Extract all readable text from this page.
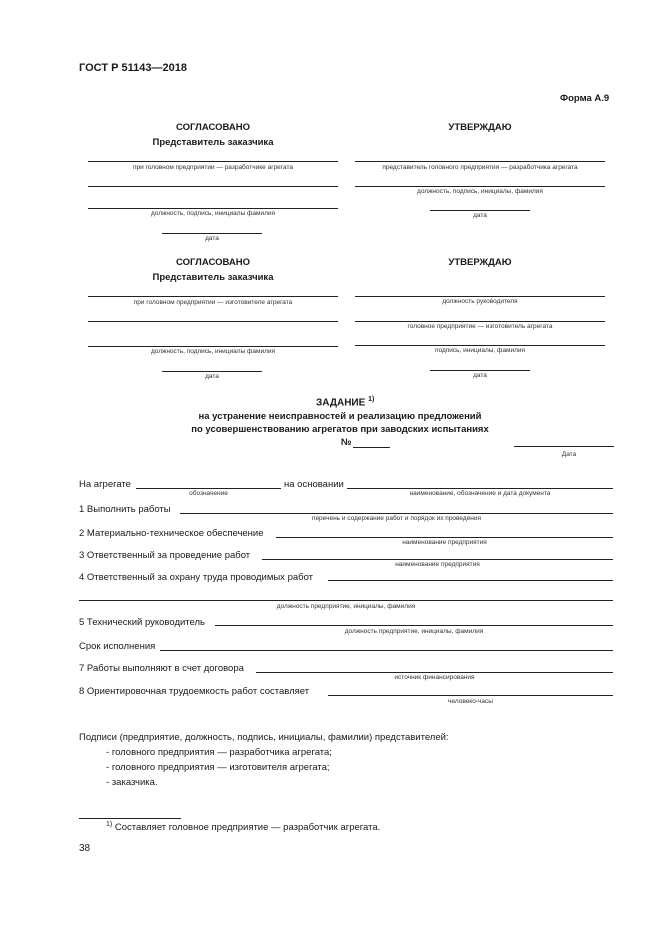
ГОСТ Р 51143—2018
Форма А.9
СОГЛАСОВАНО
Представитель заказчика
при головном предприятии — разработчике агрегата
должность, подпись, инициалы фамилия
дата
УТВЕРЖДАЮ
представитель головного предприятия — разработчика агрегата
должность, подпись, инициалы, фамилия
дата
СОГЛАСОВАНО
Представитель заказчика
при головном предприятии — изготовителе агрегата
должность, подпись, инициалы фамилия
дата
УТВЕРЖДАЮ
должность руководителя
головное предприятие — изготовитель агрегата
подпись, инициалы, фамилия
дата
ЗАДАНИЕ $^{1)}$
на устранение неисправностей и реализацию предложений
по усовершенствованию агрегатов при заводских испытаниях
№
Дата
На агрегате
обозначение
на основании
наименование, обозначение и дата документа
1 Выполнить работы
перечень и содержание работ и порядок их проведения
2 Материально-техническое обеспечение
наименование предприятия
3 Ответственный за проведение работ
наименование предприятия
4 Ответственный за охрану труда проводимых работ
должность предприятие, инициалы, фамилия
5 Технический руководитель
должность предприятие, инициалы, фамилия
Срок исполнения
7 Работы выполняют в счет договора
источник финансирования
8 Ориентировочная трудоемкость работ составляет
человеко-часы
Подписи (предприятие, должность, подпись, инициалы, фамилии) представителей:
- головного предприятия — разработчика агрегата;
- головного предприятия — изготовителя агрегата;
- заказчика.
$^{1)}$ Составляет головное предприятие — разработчик агрегата.
38
